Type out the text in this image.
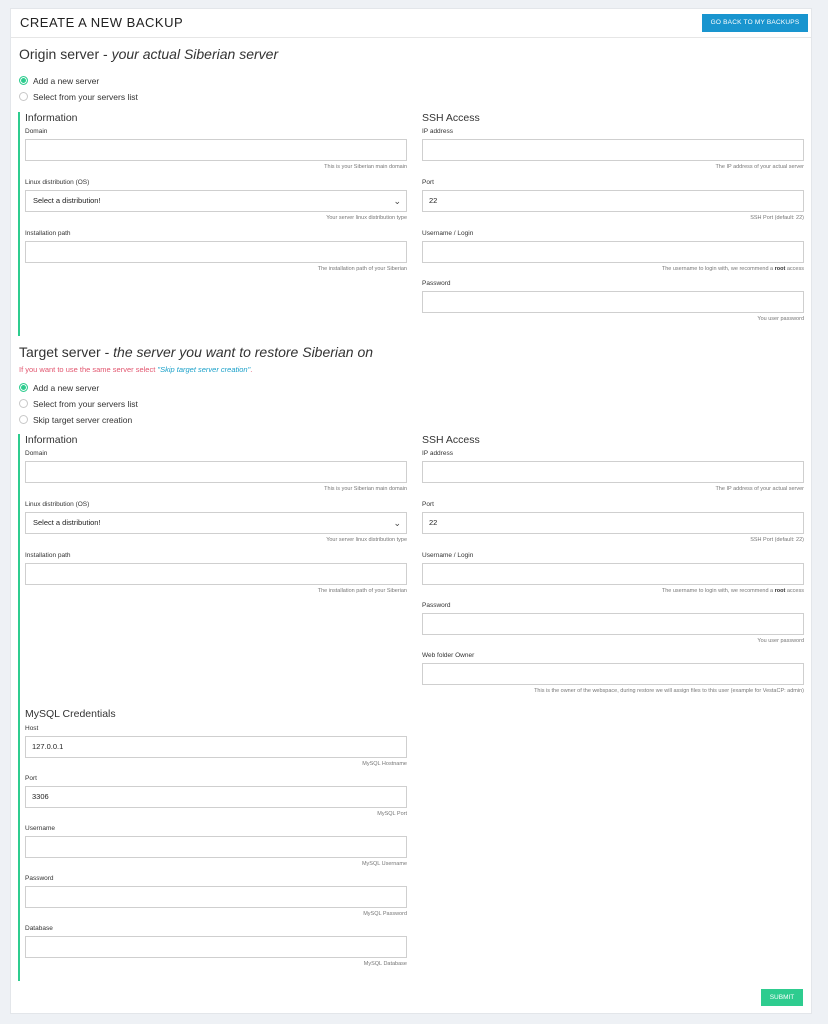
CREATE A NEW BACKUP	GO BACK TO MY BACKUPS
Origin server - your actual Siberian server
Add a new server
Select from your servers list
Information
Domain
This is your Siberian main domain
Linux distribution (OS)
Select a distribution!	⌄
Your server linux distribution type
Installation path
The installation path of your Siberian
SSH Access
IP address
The IP address of your actual server
Port
22
SSH Port (default: 22)
Username / Login
The username to login with, we recommend a root access
Password
You user password
Target server - the server you want to restore Siberian on
If you want to use the same server select "Skip target server creation".
Add a new server
Select from your servers list
Skip target server creation
Information
Domain
This is your Siberian main domain
Linux distribution (OS)
Select a distribution!	⌄
Your server linux distribution type
Installation path
The installation path of your Siberian
SSH Access
IP address
The IP address of your actual server
Port
22
SSH Port (default: 22)
Username / Login
The username to login with, we recommend a root access
Password
You user password
Web folder Owner
This is the owner of the webspace, during restore we will assign files to this user (example for VestaCP: admin)
MySQL Credentials
Host
127.0.0.1
MySQL Hostname
Port
3306
MySQL Port
Username
MySQL Username
Password
MySQL Password
Database
MySQL Database
SUBMIT
